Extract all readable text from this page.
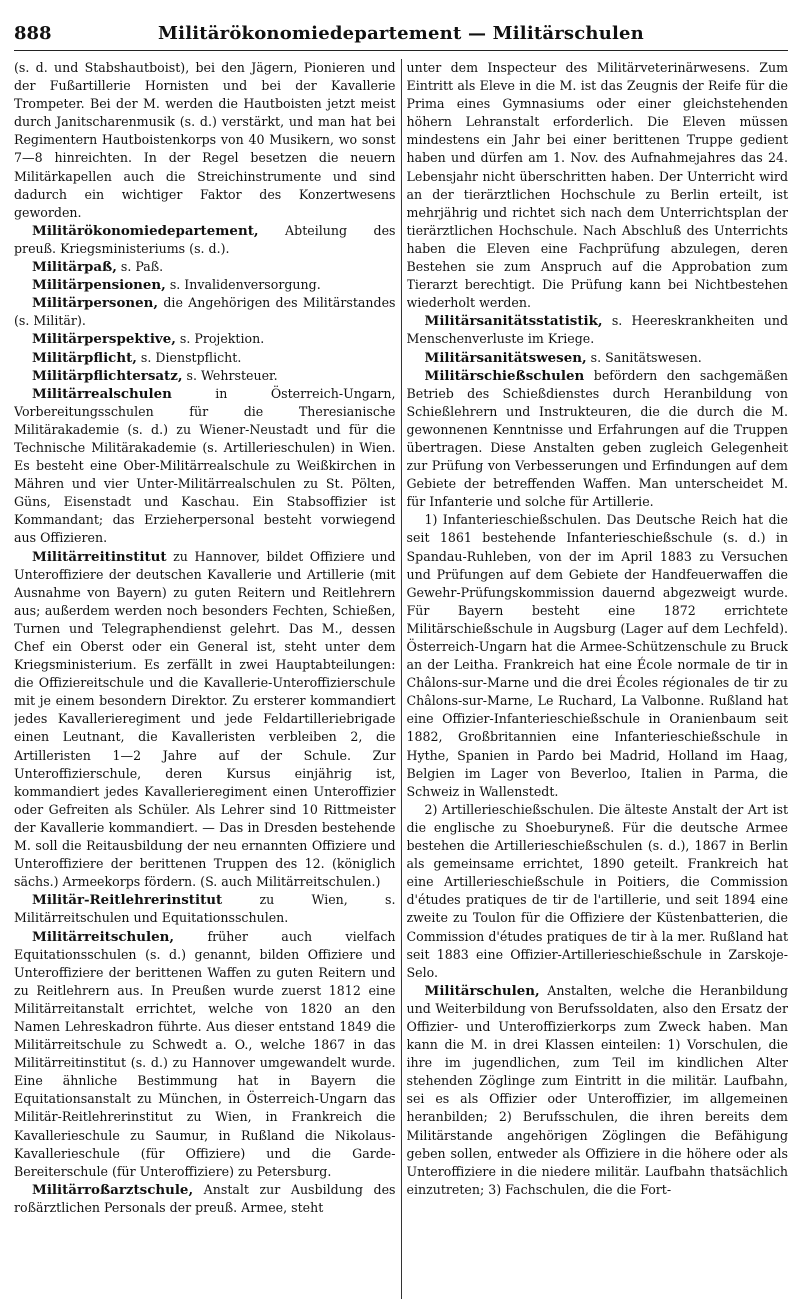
888	Militärökonomiedepartement — Militärschulen

(s. d. und Stabshautboist), bei den Jägern, Pionieren und der Fußartillerie Hornisten und bei der Kavallerie Trompeter. Bei der M. werden die Hautboisten jetzt meist durch Janitscharenmusik (s. d.) verstärkt, und man hat bei Regimentern Hautboistenkorps von 40 Musikern, wo sonst 7—8 hinreichten. In der Regel besetzen die neuern Militärkapellen auch die Streichinstrumente und sind dadurch ein wichtiger Faktor des Konzertwesens geworden.

Militärökonomiedepartement, Abteilung des preuß. Kriegsministeriums (s. d.).

Militärpaß, s. Paß.

Militärpensionen, s. Invalidenversorgung.

Militärpersonen, die Angehörigen des Militärstandes (s. Militär).

Militärperspektive, s. Projektion.

Militärpflicht, s. Dienstpflicht.

Militärpflichtersatz, s. Wehrsteuer.

Militärrealschulen in Österreich-Ungarn, Vorbereitungsschulen für die Theresianische Militärakademie (s. d.) zu Wiener-Neustadt und für die Technische Militärakademie (s. Artillerieschulen) in Wien. Es besteht eine Ober-Militärrealschule zu Weißkirchen in Mähren und vier Unter-Militärrealschulen zu St. Pölten, Güns, Eisenstadt und Kaschau. Ein Stabsoffizier ist Kommandant; das Erzieherpersonal besteht vorwiegend aus Offizieren.

Militärreitinstitut zu Hannover, bildet Offiziere und Unteroffiziere der deutschen Kavallerie und Artillerie (mit Ausnahme von Bayern) zu guten Reitern und Reitlehrern aus; außerdem werden noch besonders Fechten, Schießen, Turnen und Telegraphendienst gelehrt. Das M., dessen Chef ein Oberst oder ein General ist, steht unter dem Kriegsministerium. Es zerfällt in zwei Hauptabteilungen: die Offiziereitschule und die Kavallerie-Unteroffizierschule mit je einem besondern Direktor. Zu ersterer kommandiert jedes Kavallerieregiment und jede Feldartilleriebrigade einen Leutnant, die Kavalleristen verbleiben 2, die Artilleristen 1—2 Jahre auf der Schule. Zur Unteroffizierschule, deren Kursus einjährig ist, kommandiert jedes Kavallerieregiment einen Unteroffizier oder Gefreiten als Schüler. Als Lehrer sind 10 Rittmeister der Kavallerie kommandiert. — Das in Dresden bestehende M. soll die Reitausbildung der neu ernannten Offiziere und Unteroffiziere der berittenen Truppen des 12. (königlich sächs.) Armeekorps fördern. (S. auch Militärreitschulen.)

Militär-Reitlehrerinstitut zu Wien, s. Militärreitschulen und Equitationsschulen.

Militärreitschulen, früher auch vielfach Equitationsschulen (s. d.) genannt, bilden Offiziere und Unteroffiziere der berittenen Waffen zu guten Reitern und zu Reitlehrern aus. In Preußen wurde zuerst 1812 eine Militärreitanstalt errichtet, welche von 1820 an den Namen Lehreskadron führte. Aus dieser entstand 1849 die Militärreitschule zu Schwedt a. O., welche 1867 in das Militärreitinstitut (s. d.) zu Hannover umgewandelt wurde. Eine ähnliche Bestimmung hat in Bayern die Equitationsanstalt zu München, in Österreich-Ungarn das Militär-Reitlehrerinstitut zu Wien, in Frankreich die Kavallerieschule zu Saumur, in Rußland die Nikolaus-Kavallerieschule (für Offiziere) und die Garde-Bereiterschule (für Unteroffiziere) zu Petersburg.

Militärroßarztschule, Anstalt zur Ausbildung des roßärztlichen Personals der preuß. Armee, steht

unter dem Inspecteur des Militärveterinärwesens. Zum Eintritt als Eleve in die M. ist das Zeugnis der Reife für die Prima eines Gymnasiums oder einer gleichstehenden höhern Lehranstalt erforderlich. Die Eleven müssen mindestens ein Jahr bei einer berittenen Truppe gedient haben und dürfen am 1. Nov. des Aufnahmejahres das 24. Lebensjahr nicht überschritten haben. Der Unterricht wird an der tierärztlichen Hochschule zu Berlin erteilt, ist mehrjährig und richtet sich nach dem Unterrichtsplan der tierärztlichen Hochschule. Nach Abschluß des Unterrichts haben die Eleven eine Fachprüfung abzulegen, deren Bestehen sie zum Anspruch auf die Approbation zum Tierarzt berechtigt. Die Prüfung kann bei Nichtbestehen wiederholt werden.

Militärsanitätsstatistik, s. Heereskrankheiten und Menschenverluste im Kriege.

Militärsanitätswesen, s. Sanitätswesen.

Militärschießschulen befördern den sachgemäßen Betrieb des Schießdienstes durch Heranbildung von Schießlehrern und Instrukteuren, die die durch die M. gewonnenen Kenntnisse und Erfahrungen auf die Truppen übertragen. Diese Anstalten geben zugleich Gelegenheit zur Prüfung von Verbesserungen und Erfindungen auf dem Gebiete der betreffenden Waffen. Man unterscheidet M. für Infanterie und solche für Artillerie.

1) Infanterieschießschulen. Das Deutsche Reich hat die seit 1861 bestehende Infanterieschießschule (s. d.) in Spandau-Ruhleben, von der im April 1883 zu Versuchen und Prüfungen auf dem Gebiete der Handfeuerwaffen die Gewehr-Prüfungskommission dauernd abgezweigt wurde. Für Bayern besteht eine 1872 errichtete Militärschießschule in Augsburg (Lager auf dem Lechfeld). Österreich-Ungarn hat die Armee-Schützenschule zu Bruck an der Leitha. Frankreich hat eine École normale de tir in Châlons-sur-Marne und die drei Écoles régionales de tir zu Châlons-sur-Marne, Le Ruchard, La Valbonne. Rußland hat eine Offizier-Infanterieschießschule in Oranienbaum seit 1882, Großbritannien eine Infanterieschießschule in Hythe, Spanien in Pardo bei Madrid, Holland im Haag, Belgien im Lager von Beverloo, Italien in Parma, die Schweiz in Wallenstedt.

2) Artillerieschießschulen. Die älteste Anstalt der Art ist die englische zu Shoeburyneß. Für die deutsche Armee bestehen die Artillerieschießschulen (s. d.), 1867 in Berlin als gemeinsame errichtet, 1890 geteilt. Frankreich hat eine Artillerieschießschule in Poitiers, die Commission d'études pratiques de tir de l'artillerie, und seit 1894 eine zweite zu Toulon für die Offiziere der Küstenbatterien, die Commission d'études pratiques de tir à la mer. Rußland hat seit 1883 eine Offizier-Artillerieschießschule in Zarskoje-Selo.

Militärschulen, Anstalten, welche die Heranbildung und Weiterbildung von Berufssoldaten, also den Ersatz der Offizier- und Unteroffizierkorps zum Zweck haben. Man kann die M. in drei Klassen einteilen: 1) Vorschulen, die ihre im jugendlichen, zum Teil im kindlichen Alter stehenden Zöglinge zum Eintritt in die militär. Laufbahn, sei es als Offizier oder Unteroffizier, im allgemeinen heranbilden; 2) Berufsschulen, die ihren bereits dem Militärstande angehörigen Zöglingen die Befähigung geben sollen, entweder als Offiziere in die höhere oder als Unteroffiziere in die niedere militär. Laufbahn thatsächlich einzutreten; 3) Fachschulen, die die Fort-
